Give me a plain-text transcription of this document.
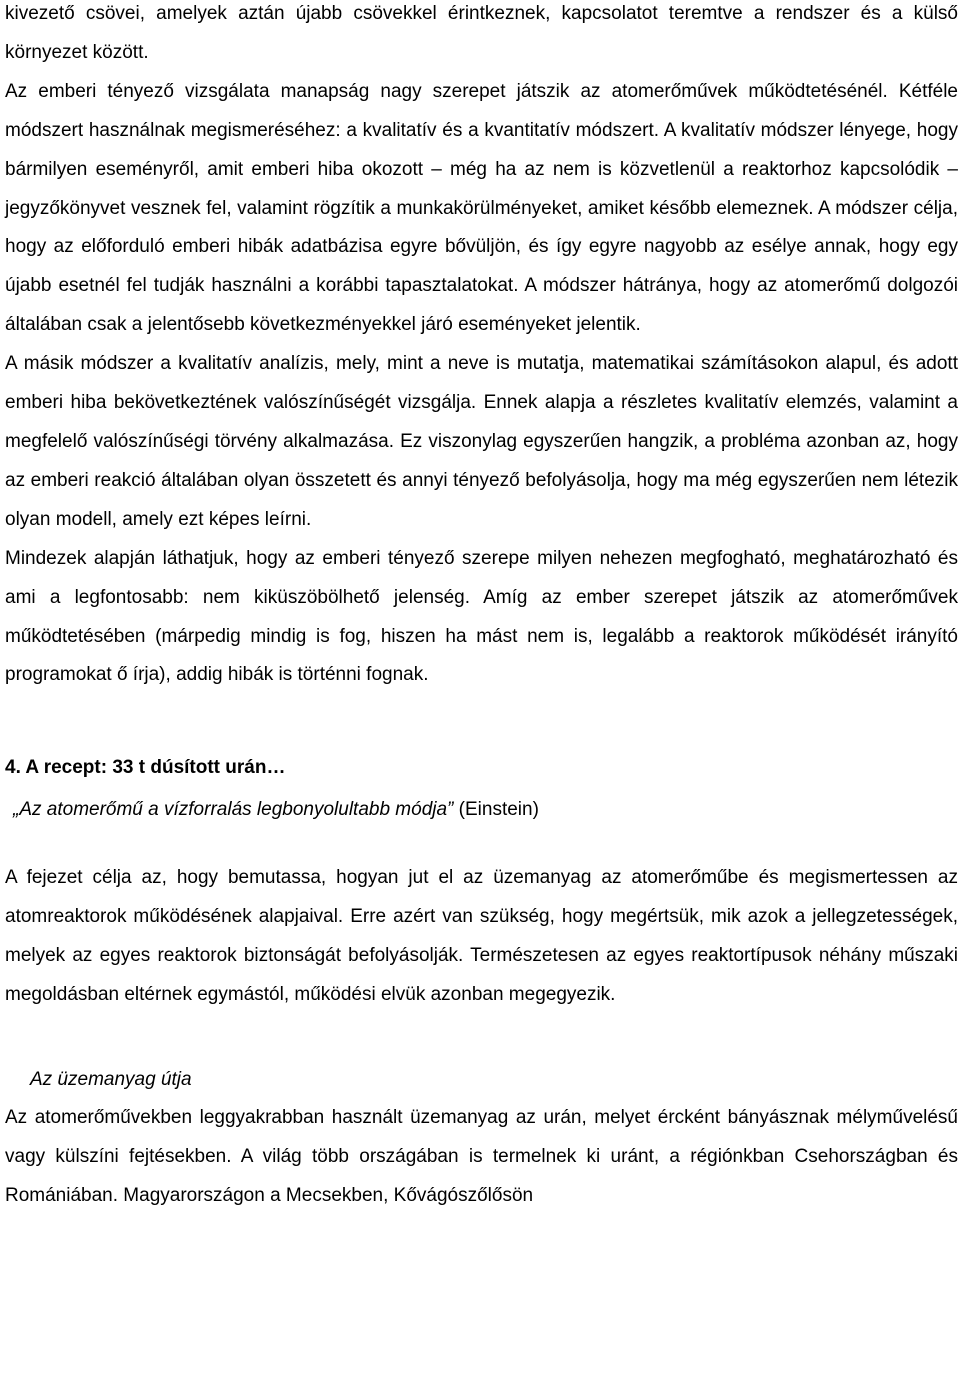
kivezető csövei, amelyek aztán újabb csövekkel érintkeznek, kapcsolatot teremtve a rendszer és a külső környezet között.

Az emberi tényező vizsgálata manapság nagy szerepet játszik az atomerőművek működtetésénél. Kétféle módszert használnak megismeréséhez: a kvalitatív és a kvantitatív módszert. A kvalitatív módszer lényege, hogy bármilyen eseményről, amit emberi hiba okozott – még ha az nem is közvetlenül a reaktorhoz kapcsolódik – jegyzőkönyvet vesznek fel, valamint rögzítik a munkakörülményeket, amiket később elemeznek. A módszer célja, hogy az előforduló emberi hibák adatbázisa egyre bővüljön, és így egyre nagyobb az esélye annak, hogy egy újabb esetnél fel tudják használni a korábbi tapasztalatokat. A módszer hátránya, hogy az atomerőmű dolgozói általában csak a jelentősebb következményekkel járó eseményeket jelentik.

A másik módszer a kvalitatív analízis, mely, mint a neve is mutatja, matematikai számításokon alapul, és adott emberi hiba bekövetkeztének valószínűségét vizsgálja. Ennek alapja a részletes kvalitatív elemzés, valamint a megfelelő valószínűségi törvény alkalmazása. Ez viszonylag egyszerűen hangzik, a probléma azonban az, hogy az emberi reakció általában olyan összetett és annyi tényező befolyásolja, hogy ma még egyszerűen nem létezik olyan modell, amely ezt képes leírni.

Mindezek alapján láthatjuk, hogy az emberi tényező szerepe milyen nehezen megfogható, meghatározható és ami a legfontosabb: nem kiküszöbölhető jelenség. Amíg az ember szerepet játszik az atomerőművek működtetésében (márpedig mindig is fog, hiszen ha mást nem is, legalább a reaktorok működését irányító programokat ő írja), addig hibák is történni fognak.

4. A recept: 33 t dúsított urán…

„Az atomerőmű a vízforralás legbonyolultabb módja” (Einstein)

A fejezet célja az, hogy bemutassa, hogyan jut el az üzemanyag az atomerőműbe és megismertessen az atomreaktorok működésének alapjaival. Erre azért van szükség, hogy megértsük, mik azok a jellegzetességek, melyek az egyes reaktorok biztonságát befolyásolják. Természetesen az egyes reaktortípusok néhány műszaki megoldásban eltérnek egymástól, működési elvük azonban megegyezik.

Az üzemanyag útja

Az atomerőművekben leggyakrabban használt üzemanyag az urán, melyet ércként bányásznak mélyművelésű vagy külszíni fejtésekben. A világ több országában is termelnek ki uránt, a régiónkban Csehországban és Romániában. Magyarországon a Mecsekben, Kővágószőlősön
